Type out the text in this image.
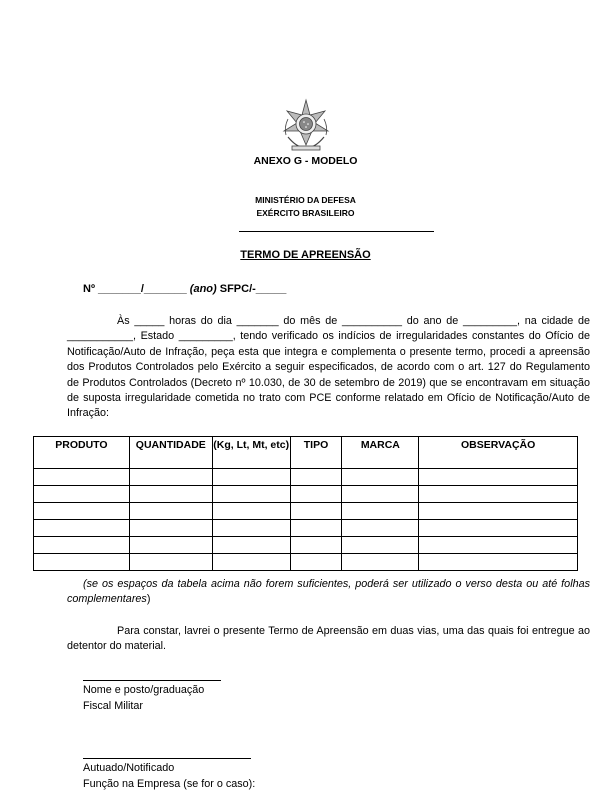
ANEXO G - MODELO
MINISTÉRIO DA DEFESA
EXÉRCITO BRASILEIRO
TERMO DE APREENSÃO
Nº _______/_______ (ano) SFPC/-_____
Às _____ horas do dia _______ do mês de __________ do ano de _________, na cidade de ___________, Estado _________, tendo verificado os indícios de irregularidades constantes do Ofício de Notificação/Auto de Infração, peça esta que integra e complementa o presente termo, procedi a apreensão dos Produtos Controlados pelo Exército a seguir especificados, de acordo com o art. 127 do Regulamento de Produtos Controlados (Decreto nº 10.030, de 30 de setembro de 2019) que se encontravam em situação de suposta irregularidade cometida no trato com PCE conforme relatado em Ofício de Notificação/Auto de Infração:
PRODUTO	QUANTIDADE	(Kg, Lt, Mt, etc)	TIPO	MARCA	OBSERVAÇÃO

(se os espaços da tabela acima não forem suficientes, poderá ser utilizado o verso desta ou até folhas complementares)
Para constar, lavrei o presente Termo de Apreensão em duas vias, uma das quais foi entregue ao detentor do material.
Nome e posto/graduação
Fiscal Militar
Autuado/Notificado
Função na Empresa (se for o caso):
